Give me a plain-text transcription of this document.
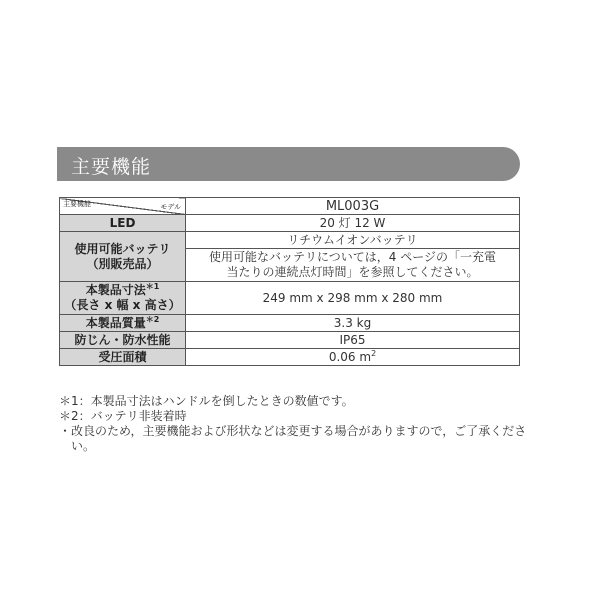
主要機能
モデル
主要機能	ML003G
LED	20 灯 12 W

使用可能バッテリ
（別販売品）	リチウムイオンバッテリ

	使用可能なバッテリについては，4 ページの「一充電
当たりの連続点灯時間」を参照してください。

本製品寸法$^{*1}$
（長さ x 幅 x 高さ）	249 mm x 298 mm x 280 mm
本製品質量$^{*2}$	3.3 kg
防じん・防水性能	IP65
受圧面積	0.06 $m^2$
＊1：本製品寸法はハンドルを倒したときの数値です。
＊2：バッテリ非装着時
・ 改良のため，主要機能および形状などは変更する場合がありますので，ご了承ください。
